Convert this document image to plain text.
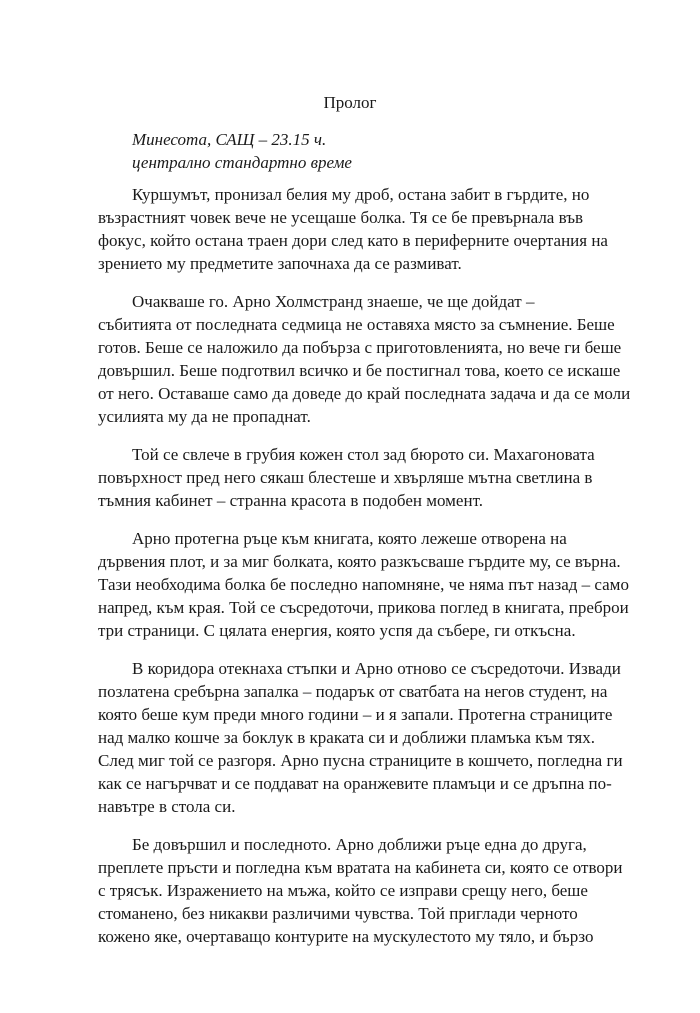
Пролог
Минесота, САЩ – 23.15 ч.
централно стандартно време
Куршумът, пронизал белия му дроб, остана забит в гърдите, но
възрастният човек вече не усещаше болка. Тя се бе превърнала във
фокус, който остана траен дори след като в периферните очертания на
зрението му предметите започнаха да се размиват.
Очакваше го. Арно Холмстранд знаеше, че ще дойдат –
събитията от последната седмица не оставяха място за съмнение. Беше
готов. Беше се наложило да побърза с приготовленията, но вече ги беше
довършил. Беше подготвил всичко и бе постигнал това, което се искаше
от него. Оставаше само да доведе до край последната задача и да се моли
усилията му да не пропаднат.
Той се свлече в грубия кожен стол зад бюрото си. Махагоновата
повърхност пред него сякаш блестеше и хвърляше мътна светлина в
тъмния кабинет – странна красота в подобен момент.
Арно протегна ръце към книгата, която лежеше отворена на
дървения плот, и за миг болката, която разкъсваше гърдите му, се върна.
Тази необходима болка бе последно напомняне, че няма път назад – само
напред, към края. Той се съсредоточи, прикова поглед в книгата, преброи
три страници. С цялата енергия, която успя да събере, ги откъсна.
В коридора отекнаха стъпки и Арно отново се съсредоточи. Извади
позлатена сребърна запалка – подарък от сватбата на негов студент, на
която беше кум преди много години – и я запали. Протегна страниците
над малко кошче за боклук в краката си и доближи пламъка към тях.
След миг той се разгоря. Арно пусна страниците в кошчето, погледна ги
как се нагърчват и се поддават на оранжевите пламъци и се дръпна по-
навътре в стола си.
Бе довършил и последното. Арно доближи ръце една до друга,
преплете пръсти и погледна към вратата на кабинета си, която се отвори
с трясък. Изражението на мъжа, който се изправи срещу него, беше
стоманено, без никакви различими чувства. Той приглади черното
кожено яке, очертаващо контурите на мускулестото му тяло, и бързо
